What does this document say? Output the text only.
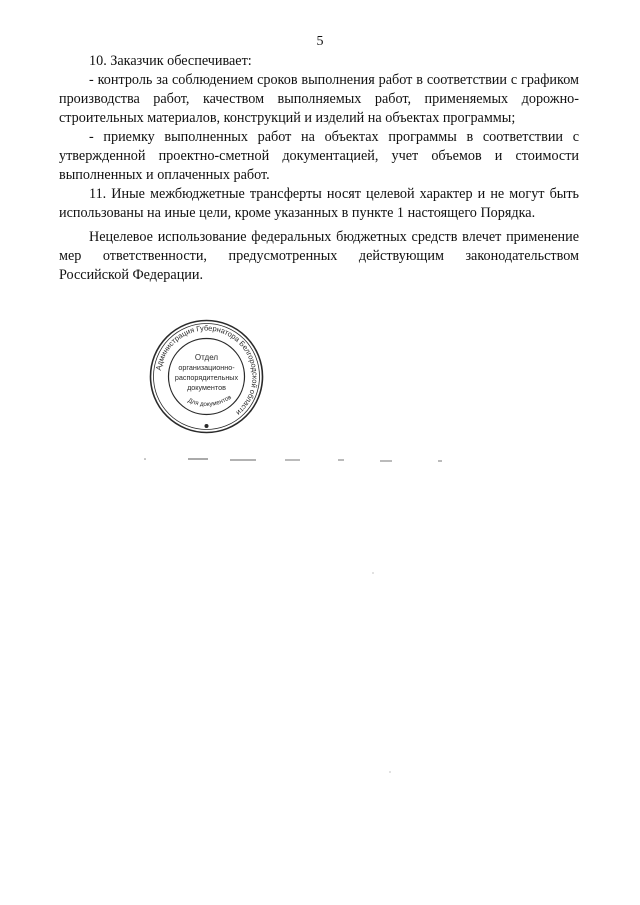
5

10. Заказчик обеспечивает:

- контроль за соблюдением сроков выполнения работ в соответствии с графиком производства работ, качеством выполняемых работ, применяемых дорожно-строительных материалов, конструкций и изделий на объектах программы;

- приемку выполненных работ на объектах программы в соответствии с утвержденной проектно-сметной документацией, учет объемов и стоимости выполненных и оплаченных работ.

11. Иные межбюджетные трансферты носят целевой характер и не могут быть использованы на иные цели, кроме указанных в пункте 1 настоящего Порядка.

Нецелевое использование федеральных бюджетных средств влечет применение мер ответственности, предусмотренных действующим законодательством Российской Федерации.

Администрация Губернатора Белгородской области
Отдел
организационно-
распорядительных
документов
Для документов
